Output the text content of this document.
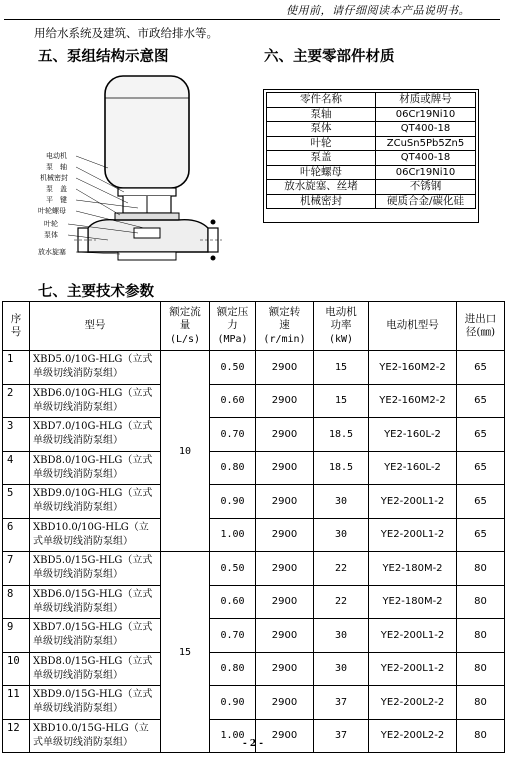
使用前，请仔细阅读本产品说明书。
用给水系统及建筑、市政给排水等。
五、泵组结构示意图	六、主要零部件材质
电动机
泵　轴
机械密封
泵　盖
平　键
叶轮螺母
叶轮
泵体
放水旋塞
零件名称	材质或牌号
泵轴	06Cr19Ni10
泵体	QT400-18
叶轮	ZCuSn5Pb5Zn5
泵盖	QT400-18
叶轮螺母	06Cr19Ni10
放水旋塞、丝堵	不锈钢
机械密封	硬质合金/碳化硅
七、主要技术参数
序
号	型号	额定流
量
(L/s)	额定压
力
(MPa)	额定转
速
(r/min)	电动机
功率
(kW)	电动机型号	进出口
径(㎜)
1	XBD5.0/10G-HLG（立式
单级切线消防泵组）	10	0.50	2900	15	YE2-160M2-2	65
2	XBD6.0/10G-HLG（立式
单级切线消防泵组）		0.60	2900	15	YE2-160M2-2	65
3	XBD7.0/10G-HLG（立式
单级切线消防泵组）		0.70	2900	18.5	YE2-160L-2	65
4	XBD8.0/10G-HLG（立式
单级切线消防泵组）		0.80	2900	18.5	YE2-160L-2	65
5	XBD9.0/10G-HLG（立式
单级切线消防泵组）		0.90	2900	30	YE2-200L1-2	65
6	XBD10.0/10G-HLG（立
式单级切线消防泵组）		1.00	2900	30	YE2-200L1-2	65
7	XBD5.0/15G-HLG（立式
单级切线消防泵组）	15	0.50	2900	22	YE2-180M-2	80
8	XBD6.0/15G-HLG（立式
单级切线消防泵组）		0.60	2900	22	YE2-180M-2	80
9	XBD7.0/15G-HLG（立式
单级切线消防泵组）		0.70	2900	30	YE2-200L1-2	80
10	XBD8.0/15G-HLG（立式
单级切线消防泵组）		0.80	2900	30	YE2-200L1-2	80
11	XBD9.0/15G-HLG（立式
单级切线消防泵组）		0.90	2900	37	YE2-200L2-2	80
12	XBD10.0/15G-HLG（立
式单级切线消防泵组）		1.00	2900	37	YE2-200L2-2	80
- 2 -
